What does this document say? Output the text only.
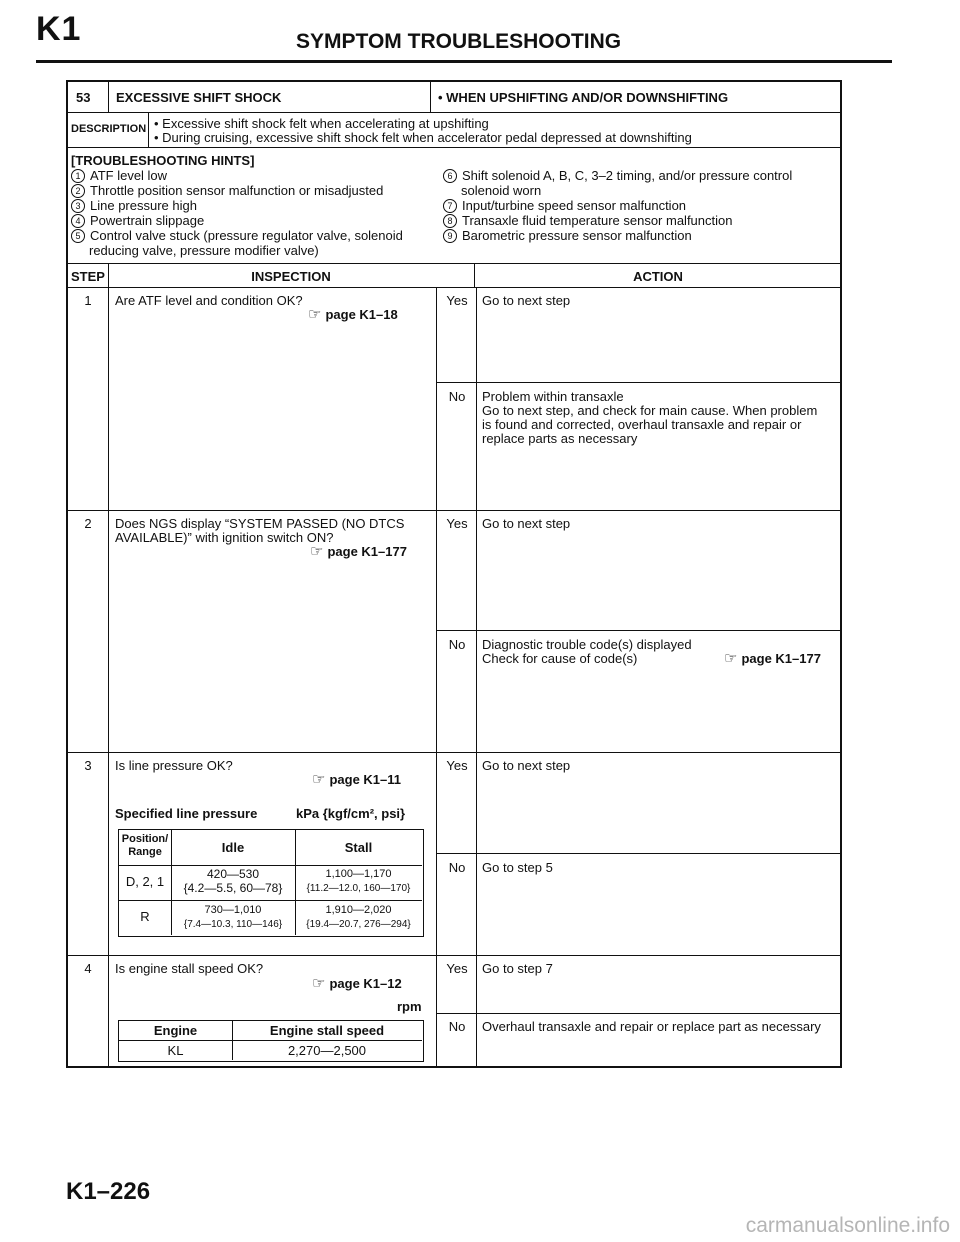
K1	SYMPTOM TROUBLESHOOTING
53 EXCESSIVE SHIFT SHOCK	• WHEN UPSHIFTING AND/OR DOWNSHIFTING
DESCRIPTION • Excessive shift shock felt when accelerating at upshifting
• During cruising, excessive shift shock felt when accelerator pedal depressed at downshifting
[TROUBLESHOOTING HINTS]
1 ATF level low
2 Throttle position sensor malfunction or misadjusted
3 Line pressure high
4 Powertrain slippage
5 Control valve stuck (pressure regulator valve, solenoid
reducing valve, pressure modifier valve)
6 Shift solenoid A, B, C, 3–2 timing, and/or pressure control
solenoid worn
7 Input/turbine speed sensor malfunction
8 Transaxle fluid temperature sensor malfunction
9 Barometric pressure sensor malfunction
STEP	INSPECTION	ACTION
1	Are ATF level and condition OK?
☞ page K1–18
Yes	Go to next step
No	Problem within transaxle
Go to next step, and check for main cause. When problem
is found and corrected, overhaul transaxle and repair or
replace parts as necessary
2	Does NGS display “SYSTEM PASSED (NO DTCS
AVAILABLE)” with ignition switch ON?
☞ page K1–177
Yes	Go to next step
No	Diagnostic trouble code(s) displayed
Check for cause of code(s)
☞	page K1–177
3	Is line pressure OK?
☞ page K1–11
Specified line pressure	kPa {kgf/cm², psi}
Position/ Range	Idle	Stall
D, 2, 1	420—530
{4.2—5.5, 60—78}
1,100—1,170
{11.2—12.0, 160—170}
R	730—1,010
{7.4—10.3, 110—146}
1,910—2,020
{19.4—20.7, 276—294}
Yes	Go to next step
No	Go to step 5
4	Is engine stall speed OK?
☞ page K1–12
rpm
Engine	Engine stall speed
KL	2,270—2,500
Yes	Go to step 7
No	Overhaul transaxle and repair or replace part as necessary
K1–226
carmanualsonline.info
